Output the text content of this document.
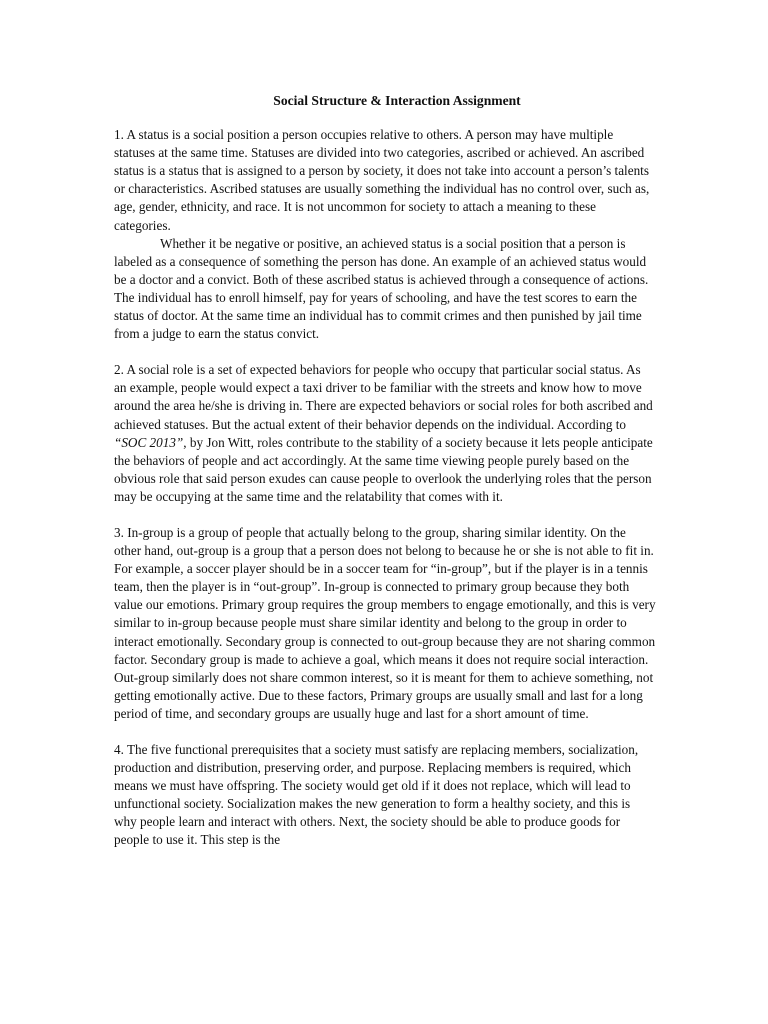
Social Structure & Interaction Assignment

1. A status is a social position a person occupies relative to others. A person may have multiple statuses at the same time. Statuses are divided into two categories, ascribed or achieved. An ascribed status is a status that is assigned to a person by society, it does not take into account a person’s talents or characteristics. Ascribed statuses are usually something the individual has no control over, such as, age, gender, ethnicity, and race. It is not uncommon for society to attach a meaning to these categories.

Whether it be negative or positive, an achieved status is a social position that a person is labeled as a consequence of something the person has done. An example of an achieved status would be a doctor and a convict. Both of these ascribed status is achieved through a consequence of actions. The individual has to enroll himself, pay for years of schooling, and have the test scores to earn the status of doctor. At the same time an individual has to commit crimes and then punished by jail time from a judge to earn the status convict.

2. A social role is a set of expected behaviors for people who occupy that particular social status. As an example, people would expect a taxi driver to be familiar with the streets and know how to move around the area he/she is driving in. There are expected behaviors or social roles for both ascribed and achieved statuses. But the actual extent of their behavior depends on the individual. According to “SOC 2013”, by Jon Witt, roles contribute to the stability of a society because it lets people anticipate the behaviors of people and act accordingly. At the same time viewing people purely based on the obvious role that said person exudes can cause people to overlook the underlying roles that the person may be occupying at the same time and the relatability that comes with it.

3. In-group is a group of people that actually belong to the group, sharing similar identity. On the other hand, out-group is a group that a person does not belong to because he or she is not able to fit in. For example, a soccer player should be in a soccer team for “in-group”, but if the player is in a tennis team, then the player is in “out-group”. In-group is connected to primary group because they both value our emotions. Primary group requires the group members to engage emotionally, and this is very similar to in-group because people must share similar identity and belong to the group in order to interact emotionally. Secondary group is connected to out-group because they are not sharing common factor. Secondary group is made to achieve a goal, which means it does not require social interaction. Out-group similarly does not share common interest, so it is meant for them to achieve something, not getting emotionally active. Due to these factors, Primary groups are usually small and last for a long period of time, and secondary groups are usually huge and last for a short amount of time.

4. The five functional prerequisites that a society must satisfy are replacing members, socialization, production and distribution, preserving order, and purpose. Replacing members is required, which means we must have offspring. The society would get old if it does not replace, which will lead to unfunctional society. Socialization makes the new generation to form a healthy society, and this is why people learn and interact with others. Next, the society should be able to produce goods for people to use it. This step is the
